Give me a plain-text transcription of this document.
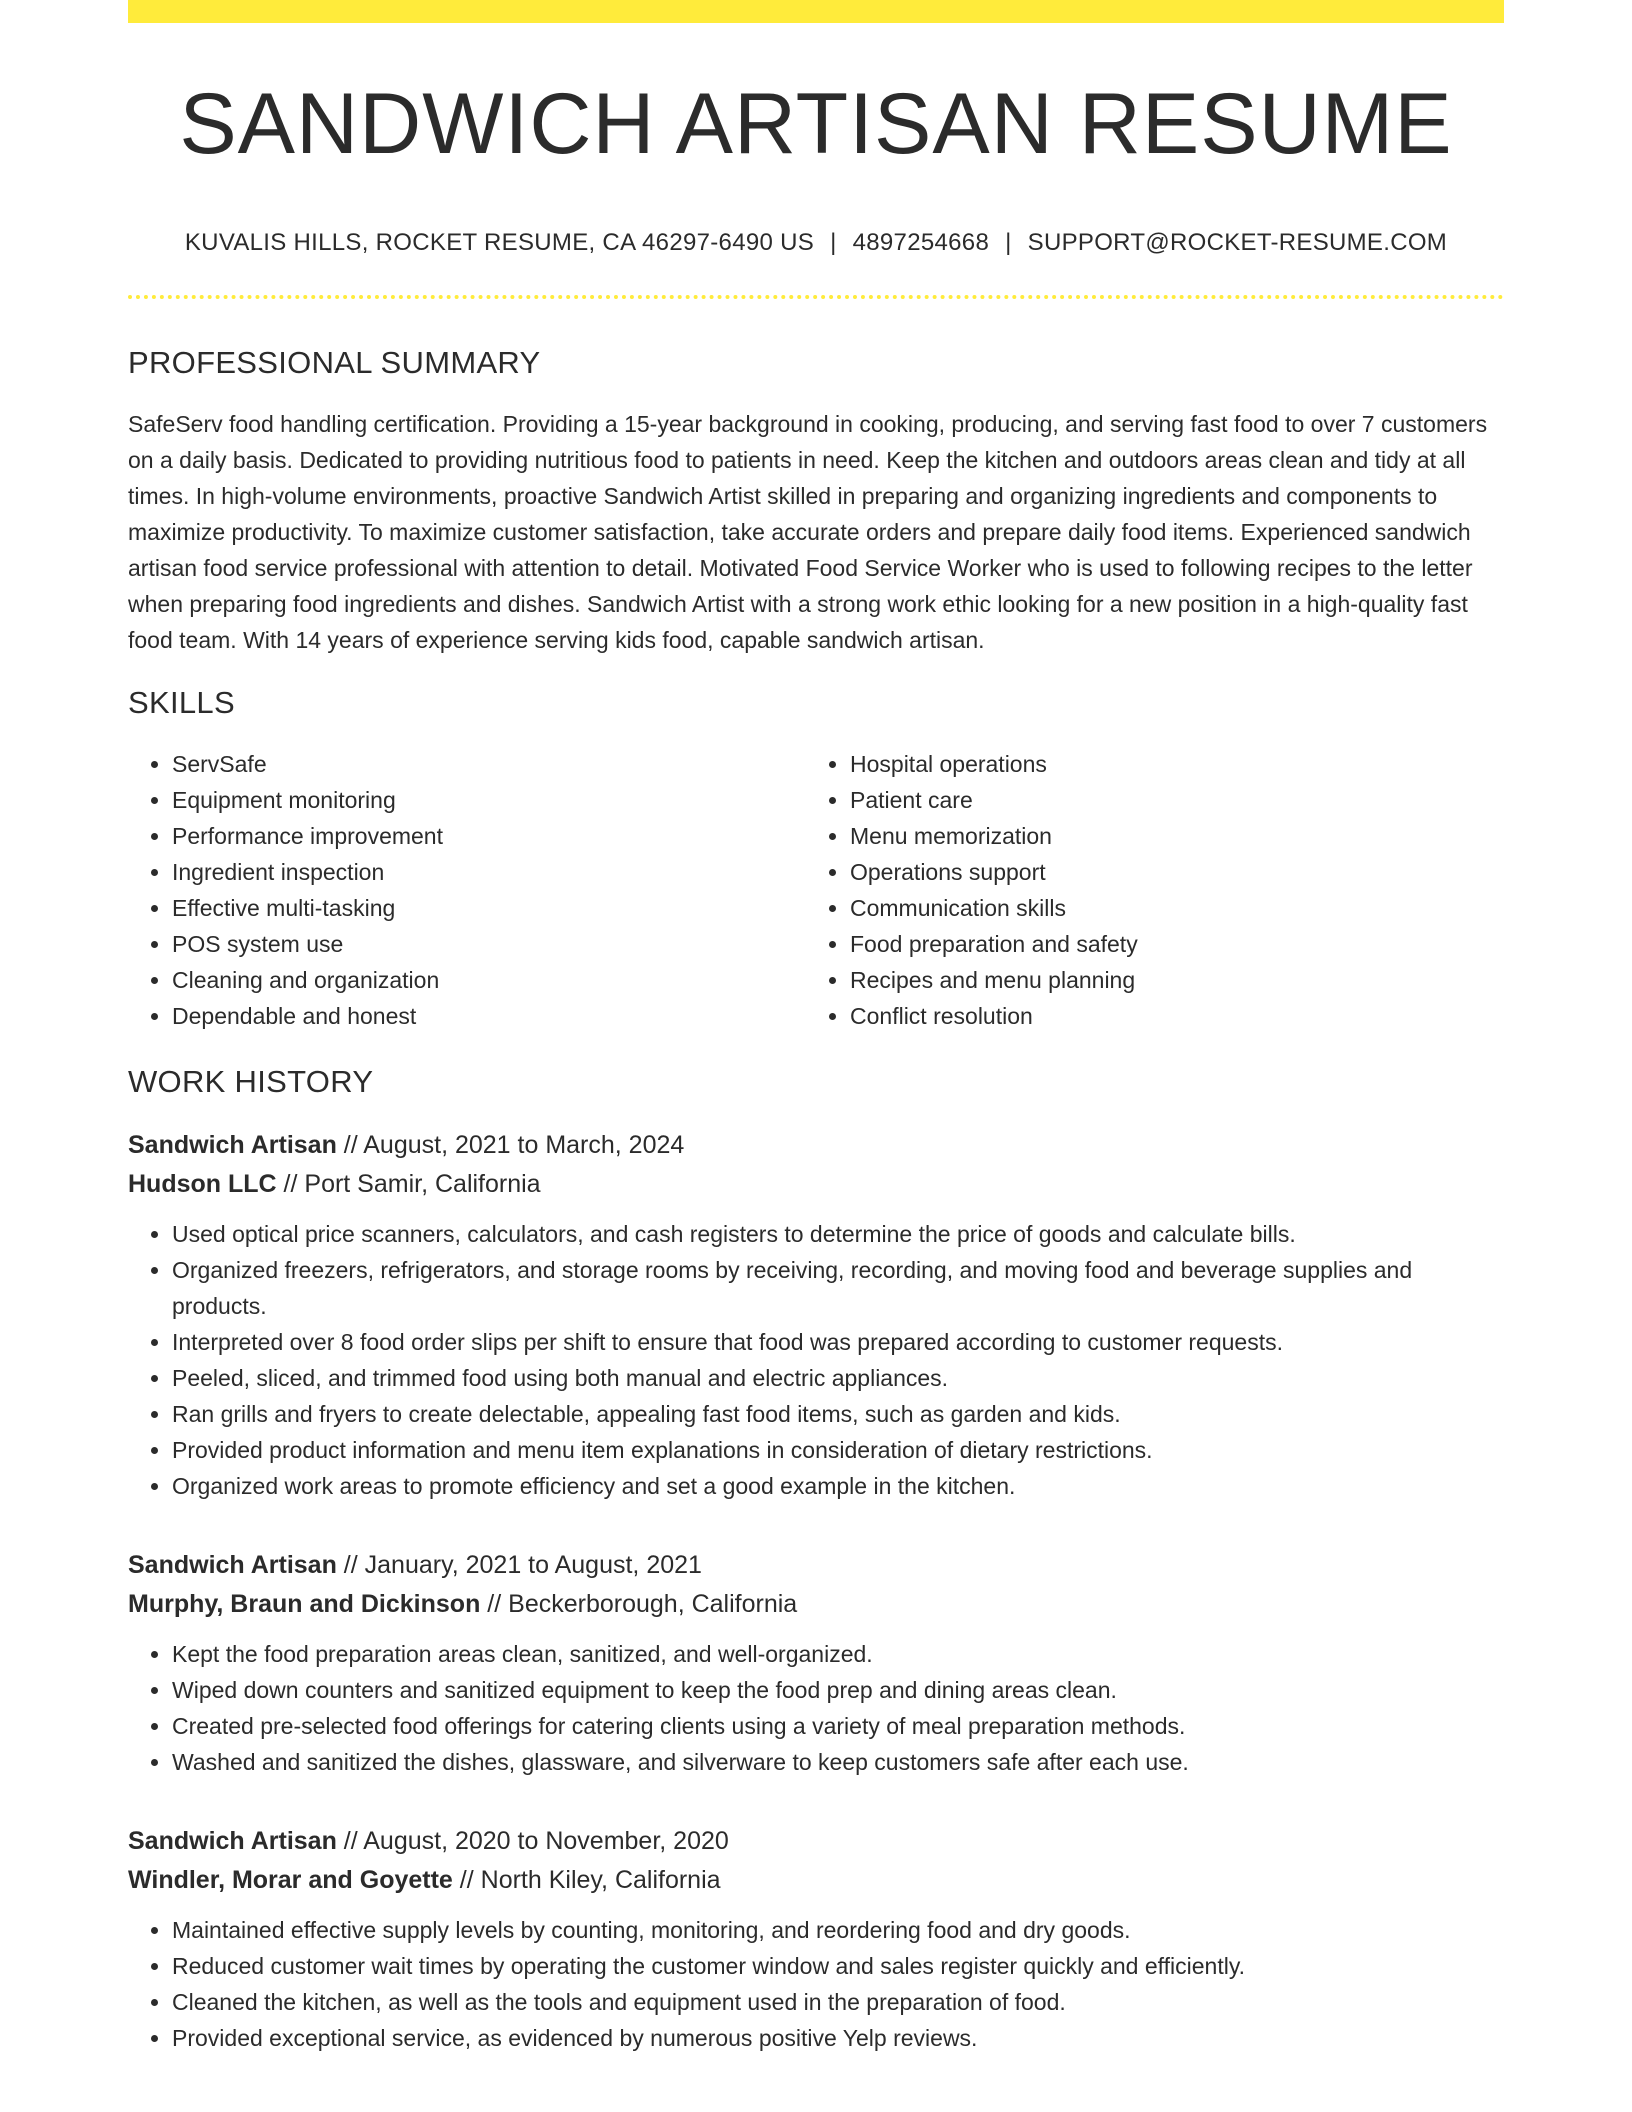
SANDWICH ARTISAN RESUME
KUVALIS HILLS, ROCKET RESUME, CA 46297-6490 US | 4897254668 | SUPPORT@ROCKET-RESUME.COM
PROFESSIONAL SUMMARY

SafeServ food handling certification. Providing a 15-year background in cooking, producing, and serving fast food to over 7 customers on a daily basis. Dedicated to providing nutritious food to patients in need. Keep the kitchen and outdoors areas clean and tidy at all times. In high-volume environments, proactive Sandwich Artist skilled in preparing and organizing ingredients and components to maximize productivity. To maximize customer satisfaction, take accurate orders and prepare daily food items. Experienced sandwich artisan food service professional with attention to detail. Motivated Food Service Worker who is used to following recipes to the letter when preparing food ingredients and dishes. Sandwich Artist with a strong work ethic looking for a new position in a high-quality fast food team. With 14 years of experience serving kids food, capable sandwich artisan.

SKILLS
• ServSafe
• Equipment monitoring
• Performance improvement
• Ingredient inspection
• Effective multi-tasking
• POS system use
• Cleaning and organization
• Dependable and honest
• Hospital operations
• Patient care
• Menu memorization
• Operations support
• Communication skills
• Food preparation and safety
• Recipes and menu planning
• Conflict resolution
WORK HISTORY
Sandwich Artisan // August, 2021 to March, 2024
Hudson LLC // Port Samir, California
• Used optical price scanners, calculators, and cash registers to determine the price of goods and calculate bills.
• Organized freezers, refrigerators, and storage rooms by receiving, recording, and moving food and beverage supplies and products.
• Interpreted over 8 food order slips per shift to ensure that food was prepared according to customer requests.
• Peeled, sliced, and trimmed food using both manual and electric appliances.
• Ran grills and fryers to create delectable, appealing fast food items, such as garden and kids.
• Provided product information and menu item explanations in consideration of dietary restrictions.
• Organized work areas to promote efficiency and set a good example in the kitchen.
Sandwich Artisan // January, 2021 to August, 2021
Murphy, Braun and Dickinson // Beckerborough, California
• Kept the food preparation areas clean, sanitized, and well-organized.
• Wiped down counters and sanitized equipment to keep the food prep and dining areas clean.
• Created pre-selected food offerings for catering clients using a variety of meal preparation methods.
• Washed and sanitized the dishes, glassware, and silverware to keep customers safe after each use.
Sandwich Artisan // August, 2020 to November, 2020
Windler, Morar and Goyette // North Kiley, California
• Maintained effective supply levels by counting, monitoring, and reordering food and dry goods.
• Reduced customer wait times by operating the customer window and sales register quickly and efficiently.
• Cleaned the kitchen, as well as the tools and equipment used in the preparation of food.
• Provided exceptional service, as evidenced by numerous positive Yelp reviews.
